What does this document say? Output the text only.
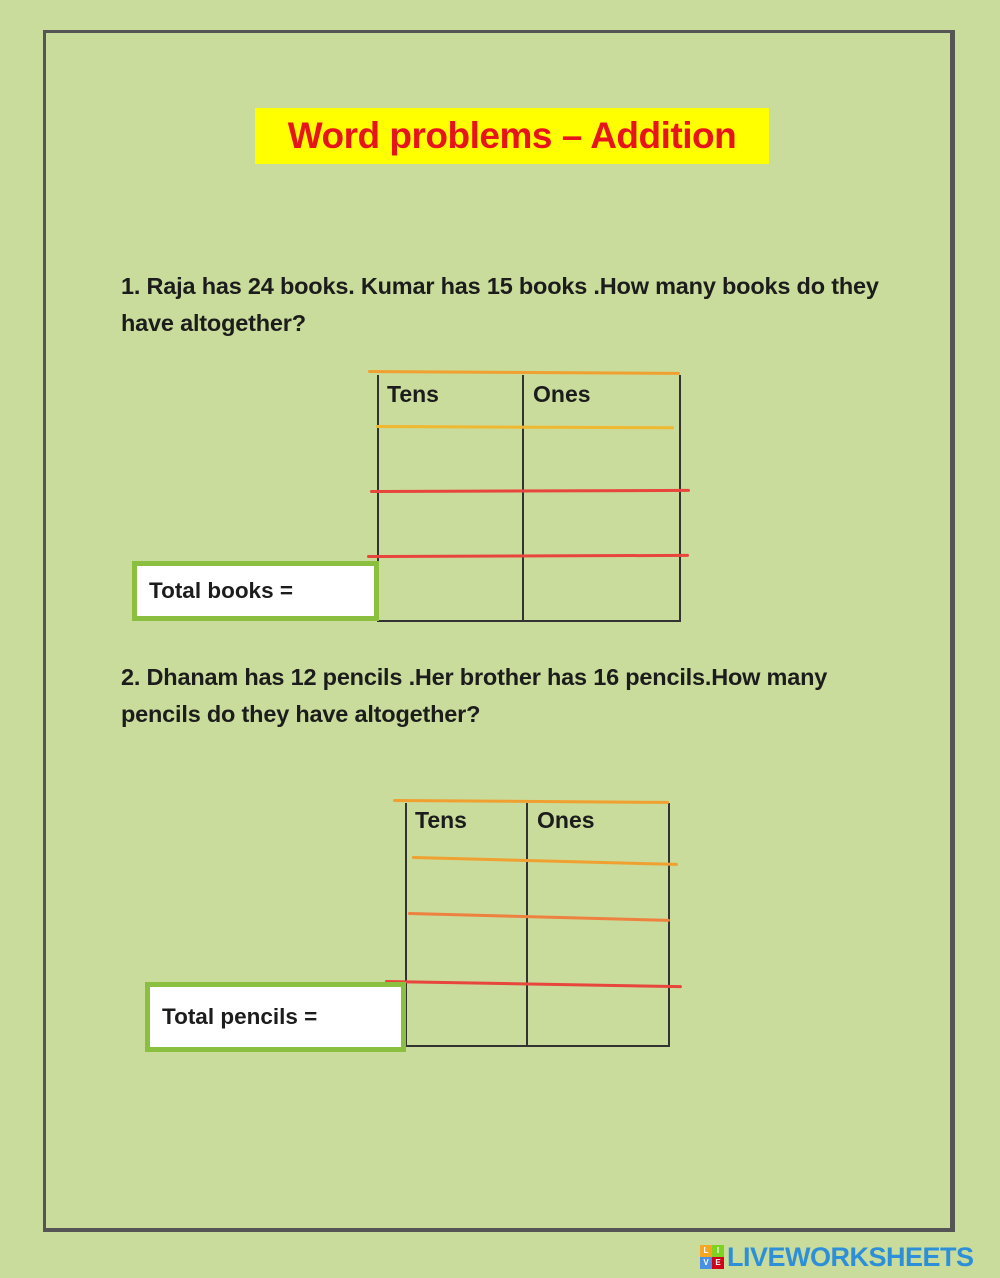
Word problems – Addition
1. Raja has 24 books. Kumar has 15 books .How many books do they have altogether?
Tens	Ones
Total books =
2. Dhanam has 12 pencils .Her brother has 16 pencils.How many pencils do they have altogether?
Tens	Ones
Total pencils =
L	I
V E LIVEWORKSHEETS
